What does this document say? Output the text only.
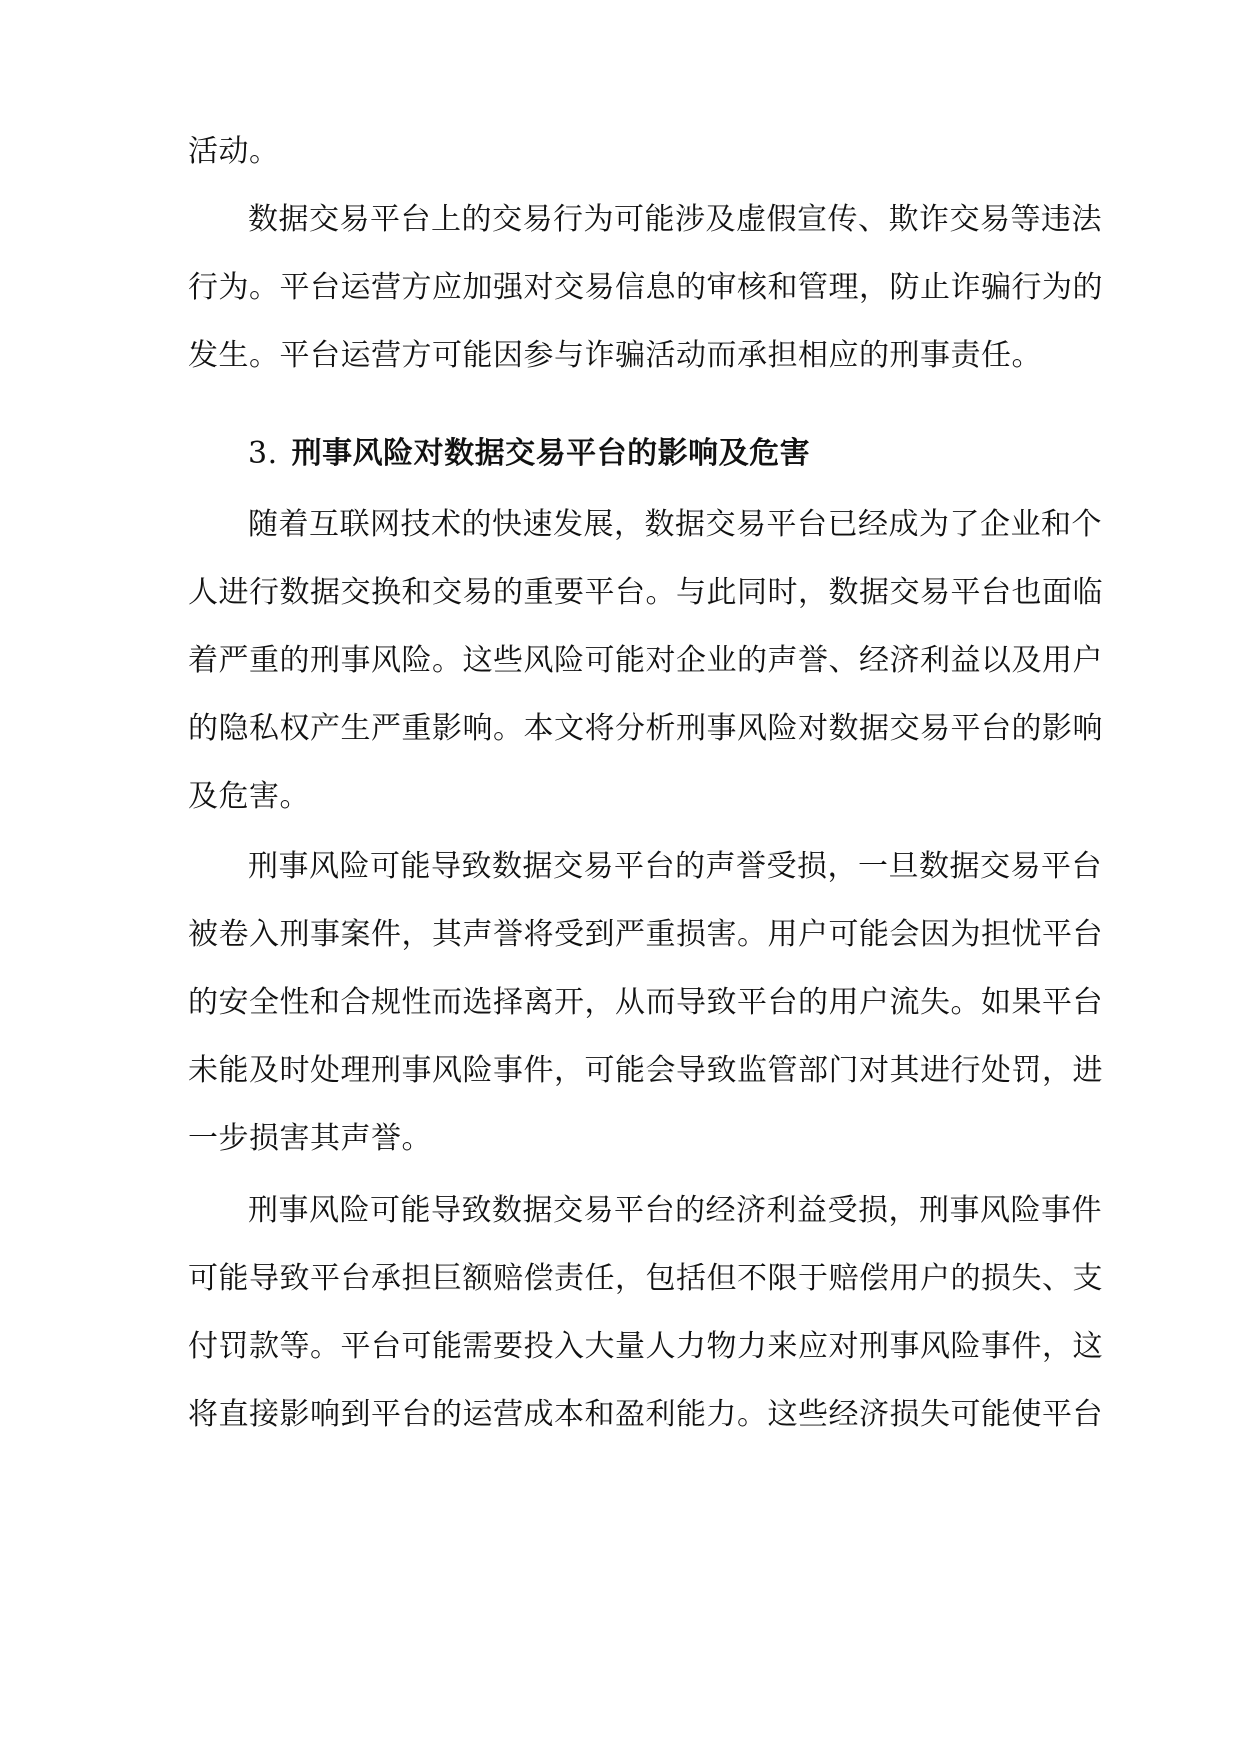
活动。
数据交易平台上的交易行为可能涉及虚假宣传、欺诈交易等违法
行为。平台运营方应加强对交易信息的审核和管理，防止诈骗行为的
发生。平台运营方可能因参与诈骗活动而承担相应的刑事责任。
3. 刑事风险对数据交易平台的影响及危害
随着互联网技术的快速发展，数据交易平台已经成为了企业和个
人进行数据交换和交易的重要平台。与此同时，数据交易平台也面临
着严重的刑事风险。这些风险可能对企业的声誉、经济利益以及用户
的隐私权产生严重影响。本文将分析刑事风险对数据交易平台的影响
及危害。
刑事风险可能导致数据交易平台的声誉受损，一旦数据交易平台
被卷入刑事案件，其声誉将受到严重损害。用户可能会因为担忧平台
的安全性和合规性而选择离开，从而导致平台的用户流失。如果平台
未能及时处理刑事风险事件，可能会导致监管部门对其进行处罚，进
一步损害其声誉。
刑事风险可能导致数据交易平台的经济利益受损，刑事风险事件
可能导致平台承担巨额赔偿责任，包括但不限于赔偿用户的损失、支
付罚款等。平台可能需要投入大量人力物力来应对刑事风险事件，这
将直接影响到平台的运营成本和盈利能力。这些经济损失可能使平台
